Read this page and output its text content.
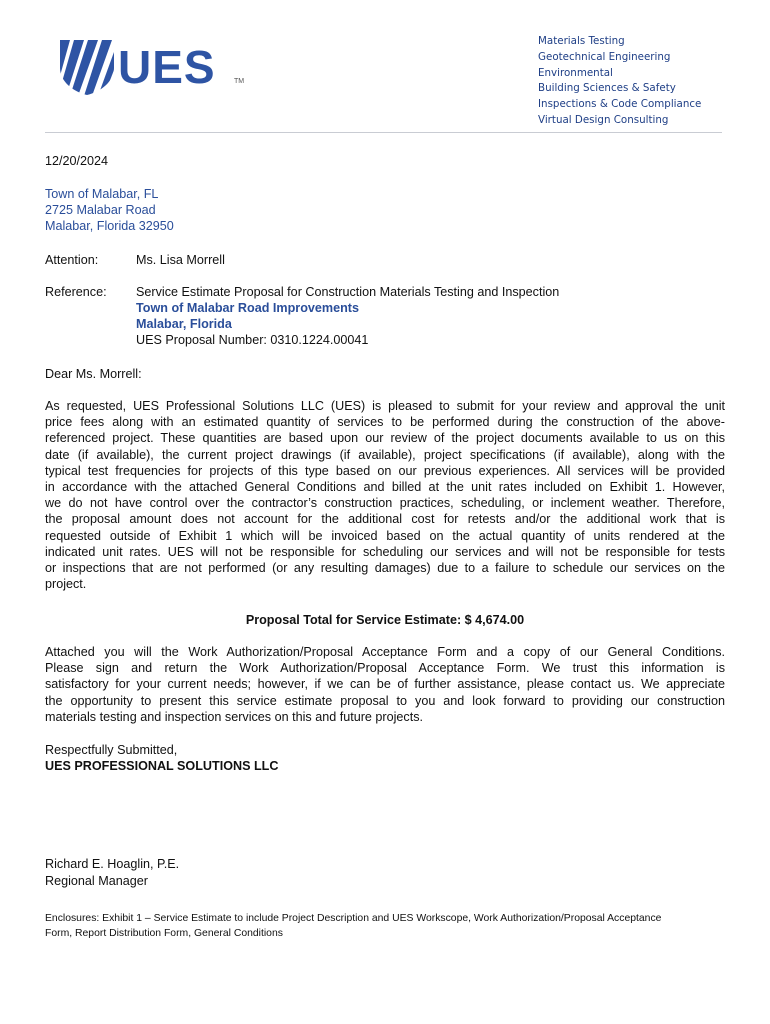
UES	TM
Materials Testing
Geotechnical Engineering
Environmental
Building Sciences & Safety
Inspections & Code Compliance
Virtual Design Consulting
12/20/2024
Town of Malabar, FL
2725 Malabar Road
Malabar, Florida 32950
Attention:	Ms. Lisa Morrell
Reference: Service Estimate Proposal for Construction Materials Testing and Inspection
Town of Malabar Road Improvements
Malabar, Florida
UES Proposal Number: 0310.1224.00041
Dear Ms. Morrell:
As requested, UES Professional Solutions LLC (UES) is pleased to submit for your review and approval the unit
price fees along with an estimated quantity of services to be performed during the construction of the above-
referenced project. These quantities are based upon our review of the project documents available to us on this
date (if available), the current project drawings (if available), project specifications (if available), along with the
typical test frequencies for projects of this type based on our previous experiences. All services will be provided
in accordance with the attached General Conditions and billed at the unit rates included on Exhibit 1. However,
we do not have control over the contractor’s construction practices, scheduling, or inclement weather. Therefore,
the proposal amount does not account for the additional cost for retests and/or the additional work that is
requested outside of Exhibit 1 which will be invoiced based on the actual quantity of units rendered at the
indicated unit rates. UES will not be responsible for scheduling our services and will not be responsible for tests
or inspections that are not performed (or any resulting damages) due to a failure to schedule our services on the
project.
Proposal Total for Service Estimate: $ 4,674.00
Attached you will the Work Authorization/Proposal Acceptance Form and a copy of our General Conditions.
Please sign and return the Work Authorization/Proposal Acceptance Form. We trust this information is
satisfactory for your current needs; however, if we can be of further assistance, please contact us. We appreciate
the opportunity to present this service estimate proposal to you and look forward to providing our construction
materials testing and inspection services on this and future projects.
Respectfully Submitted,
UES PROFESSIONAL SOLUTIONS LLC
Richard E. Hoaglin, P.E.
Regional Manager
Enclosures: Exhibit 1 – Service Estimate to include Project Description and UES Workscope, Work Authorization/Proposal Acceptance
Form, Report Distribution Form, General Conditions
